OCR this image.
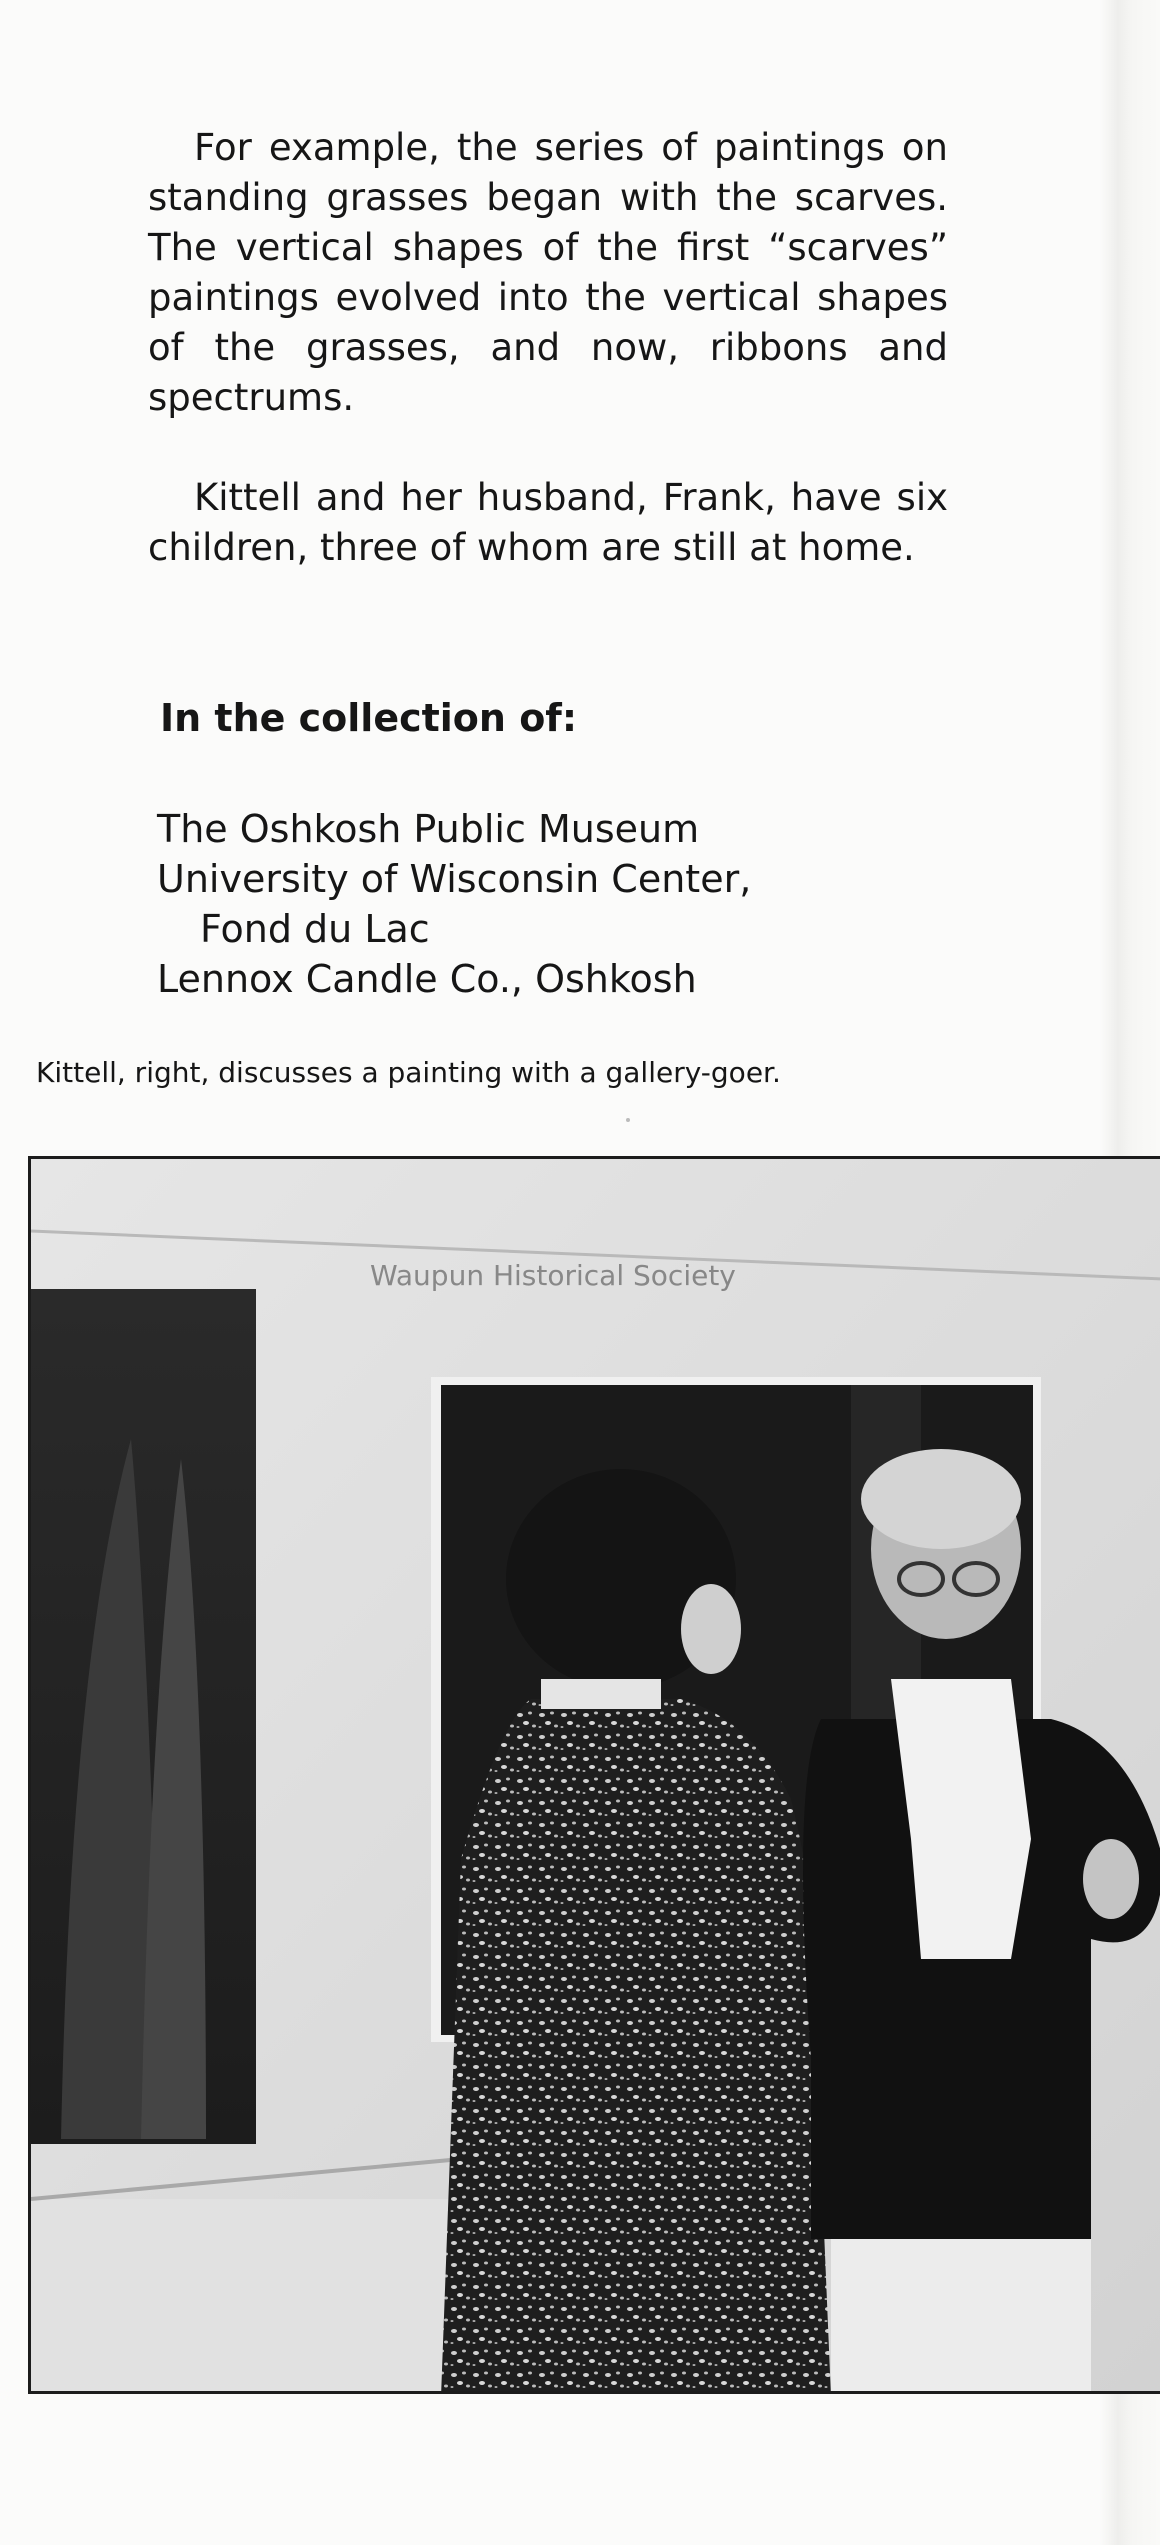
For example, the series of paintings on standing grasses began with the scarves. The vertical shapes of the first “scarves” paintings evolved into the vertical shapes of the grasses, and now, ribbons and spectrums.

Kittell and her husband, Frank, have six children, three of whom are still at home.

In the collection of:
The Oshkosh Public Museum
University of Wisconsin Center,
Fond du Lac
Lennox Candle Co., Oshkosh

Kittell, right, discusses a painting with a gallery-goer.

Waupun Historical Society
